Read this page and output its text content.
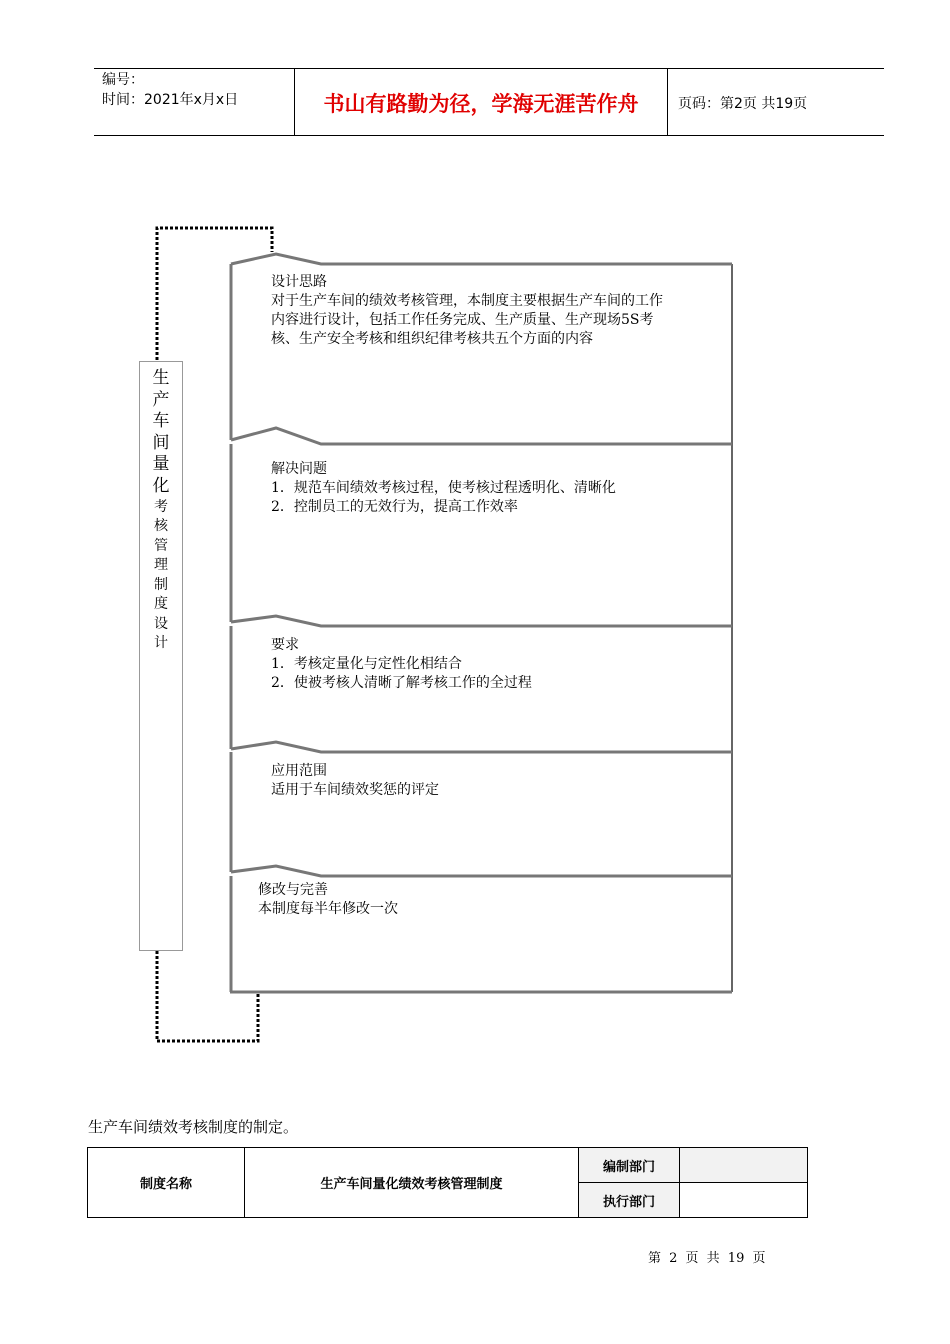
编号：
时间：2021年x月x日	书山有路勤为径，学海无涯苦作舟	页码：第2页 共19页
生
产
车
间
量
化
考
核
管
理
制
度
设
计
设计思路
对于生产车间的绩效考核管理，本制度主要根据生产车间的工作
内容进行设计，包括工作任务完成、生产质量、生产现场5S考
核、生产安全考核和组织纪律考核共五个方面的内容
解决问题
1．规范车间绩效考核过程，使考核过程透明化、清晰化
2．控制员工的无效行为，提高工作效率
要求
1．考核定量化与定性化相结合
2．使被考核人清晰了解考核工作的全过程
应用范围
适用于车间绩效奖惩的评定
修改与完善
本制度每半年修改一次
生产车间绩效考核制度的制定。
制度名称	生产车间量化绩效考核管理制度	编制部门	
		执行部门	
第 2 页 共 19 页
